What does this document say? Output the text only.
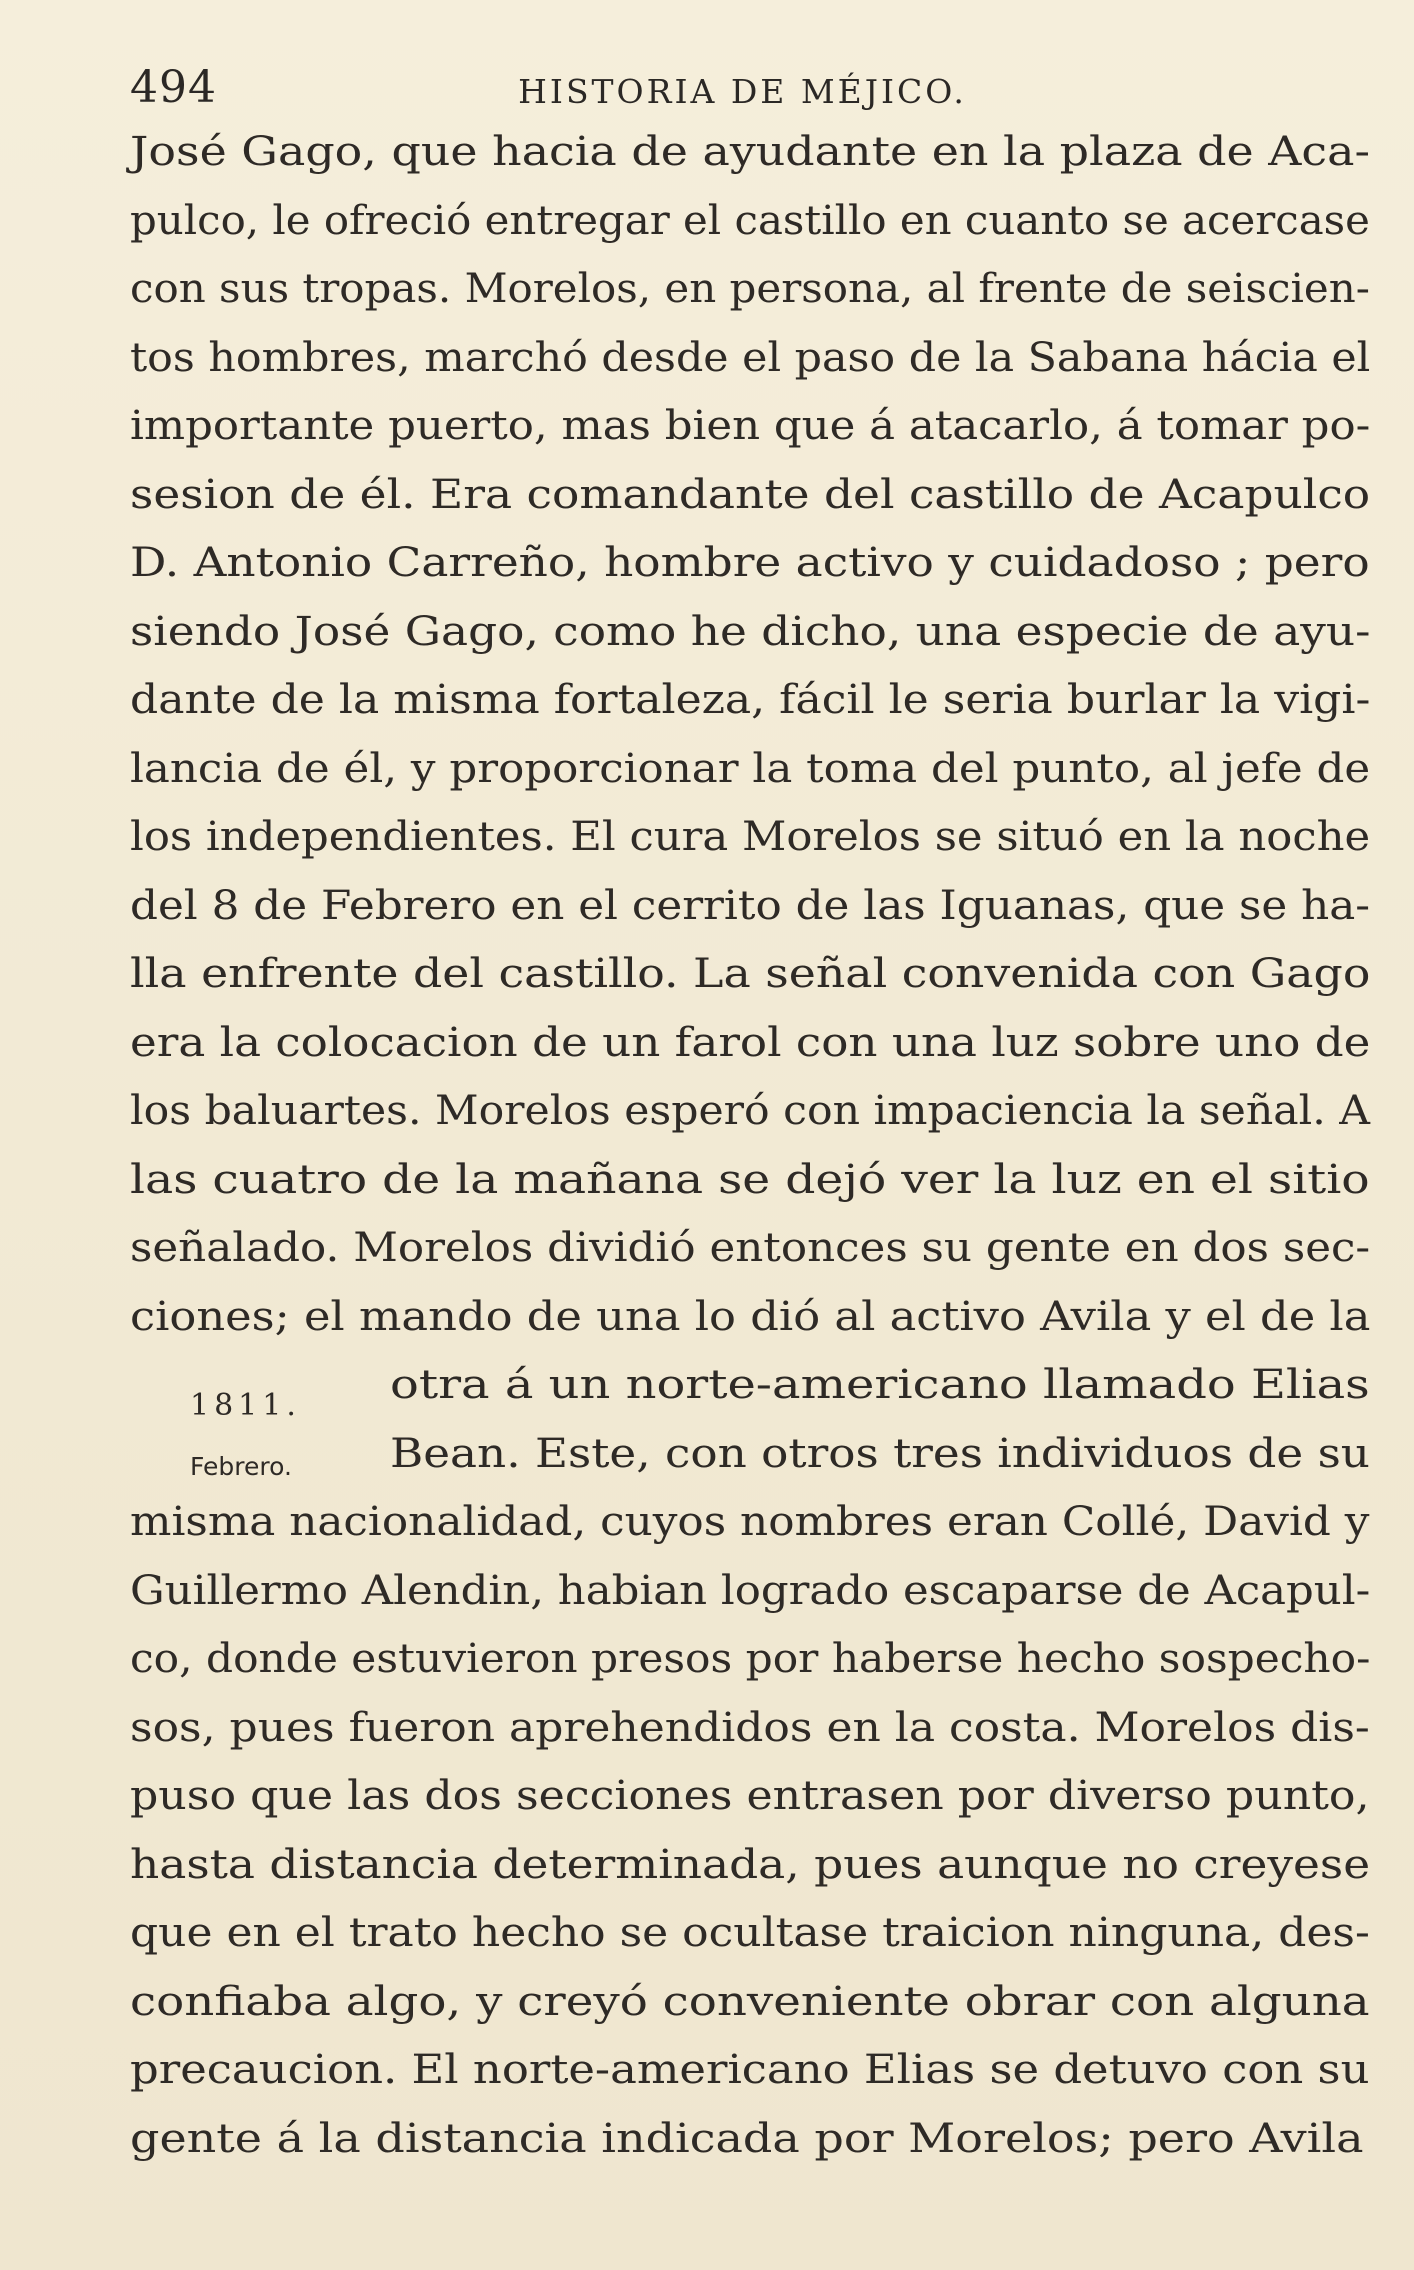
494	HISTORIA DE MÉJICO.
José Gago, que hacia de ayudante en la plaza de Aca-
pulco, le ofreció entregar el castillo en cuanto se acercase
con sus tropas. Morelos, en persona, al frente de seiscien-
tos hombres, marchó desde el paso de la Sabana hácia el
importante puerto, mas bien que á atacarlo, á tomar po-
sesion de él. Era comandante del castillo de Acapulco
D. Antonio Carreño, hombre activo y cuidadoso ; pero
siendo José Gago, como he dicho, una especie de ayu-
dante de la misma fortaleza, fácil le seria burlar la vigi-
lancia de él, y proporcionar la toma del punto, al jefe de
los independientes. El cura Morelos se situó en la noche
del 8 de Febrero en el cerrito de las Iguanas, que se ha-
lla enfrente del castillo. La señal convenida con Gago
era la colocacion de un farol con una luz sobre uno de
los baluartes. Morelos esperó con impaciencia la señal. A
las cuatro de la mañana se dejó ver la luz en el sitio
señalado. Morelos dividió entonces su gente en dos sec-
ciones; el mando de una lo dió al activo Avila y el de la
otra á un norte-americano llamado Elias
Bean. Este, con otros tres individuos de su
misma nacionalidad, cuyos nombres eran Collé, David y
Guillermo Alendin, habian logrado escaparse de Acapul-
co, donde estuvieron presos por haberse hecho sospecho-
sos, pues fueron aprehendidos en la costa. Morelos dis-
puso que las dos secciones entrasen por diverso punto,
hasta distancia determinada, pues aunque no creyese
que en el trato hecho se ocultase traicion ninguna, des-
confiaba algo, y creyó conveniente obrar con alguna
precaucion. El norte-americano Elias se detuvo con su
gente á la distancia indicada por Morelos; pero Avila
1811.
Febrero.
